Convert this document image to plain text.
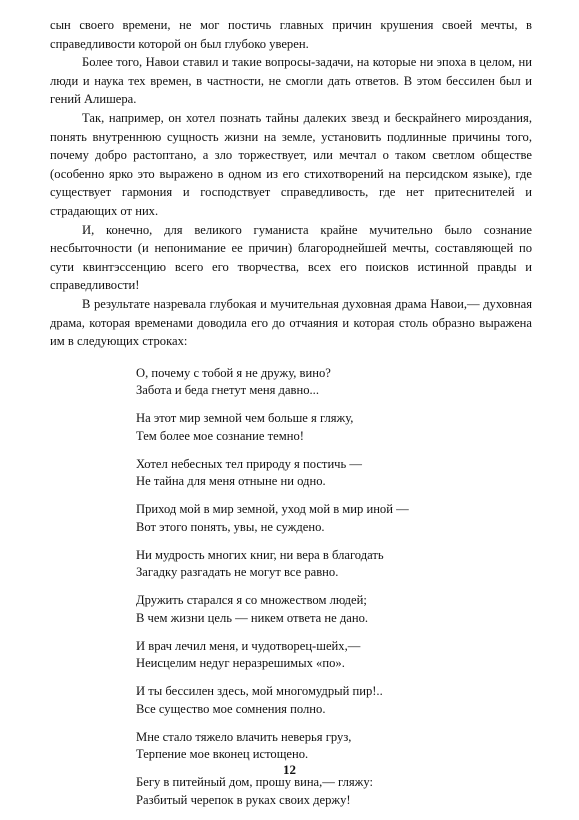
сын своего времени, не мог постичь главных причин крушения своей мечты, в справедливости которой он был глубоко уверен.

Более того, Навои ставил и такие вопросы-задачи, на которые ни эпоха в целом, ни люди и наука тех времен, в частности, не смогли дать ответов. В этом бессилен был и гений Алишера.

Так, например, он хотел познать тайны далеких звезд и бескрайнего мироздания, понять внутреннюю сущность жизни на земле, установить подлинные причины того, почему добро растоптано, а зло торжествует, или мечтал о таком светлом обществе (особенно ярко это выражено в одном из его стихотворений на персидском языке), где существует гармония и господствует справедливость, где нет притеснителей и страдающих от них.

И, конечно, для великого гуманиста крайне мучительно было сознание несбыточности (и непонимание ее причин) благороднейшей мечты, составляющей по сути квинтэссенцию всего его творчества, всех его поисков истинной правды и справедливости!

В результате назревала глубокая и мучительная духовная драма Навои,— духовная драма, которая временами доводила его до отчаяния и которая столь образно выражена им в следующих строках:

О, почему с тобой я не дружу, вино?
Забота и беда гнетут меня давно...
На этот мир земной чем больше я гляжу,
Тем более мое сознание темно!
Хотел небесных тел природу я постичь —
Не тайна для меня отныне ни одно.
Приход мой в мир земной, уход мой в мир иной —
Вот этого понять, увы, не суждено.
Ни мудрость многих книг, ни вера в благодать
Загадку разгадать не могут все равно.
Дружить старался я со множеством людей;
В чем жизни цель — никем ответа не дано.
И врач лечил меня, и чудотворец-шейх,—
Неисцелим недуг неразрешимых «по».
И ты бессилен здесь, мой многомудрый пир!..
Все существо мое сомнения полно.
Мне стало тяжело влачить неверья груз,
Терпение мое вконец истощено.
Бегу в питейный дом, прошу вина,— гляжу:
Разбитый черепок в руках своих держу!
12
